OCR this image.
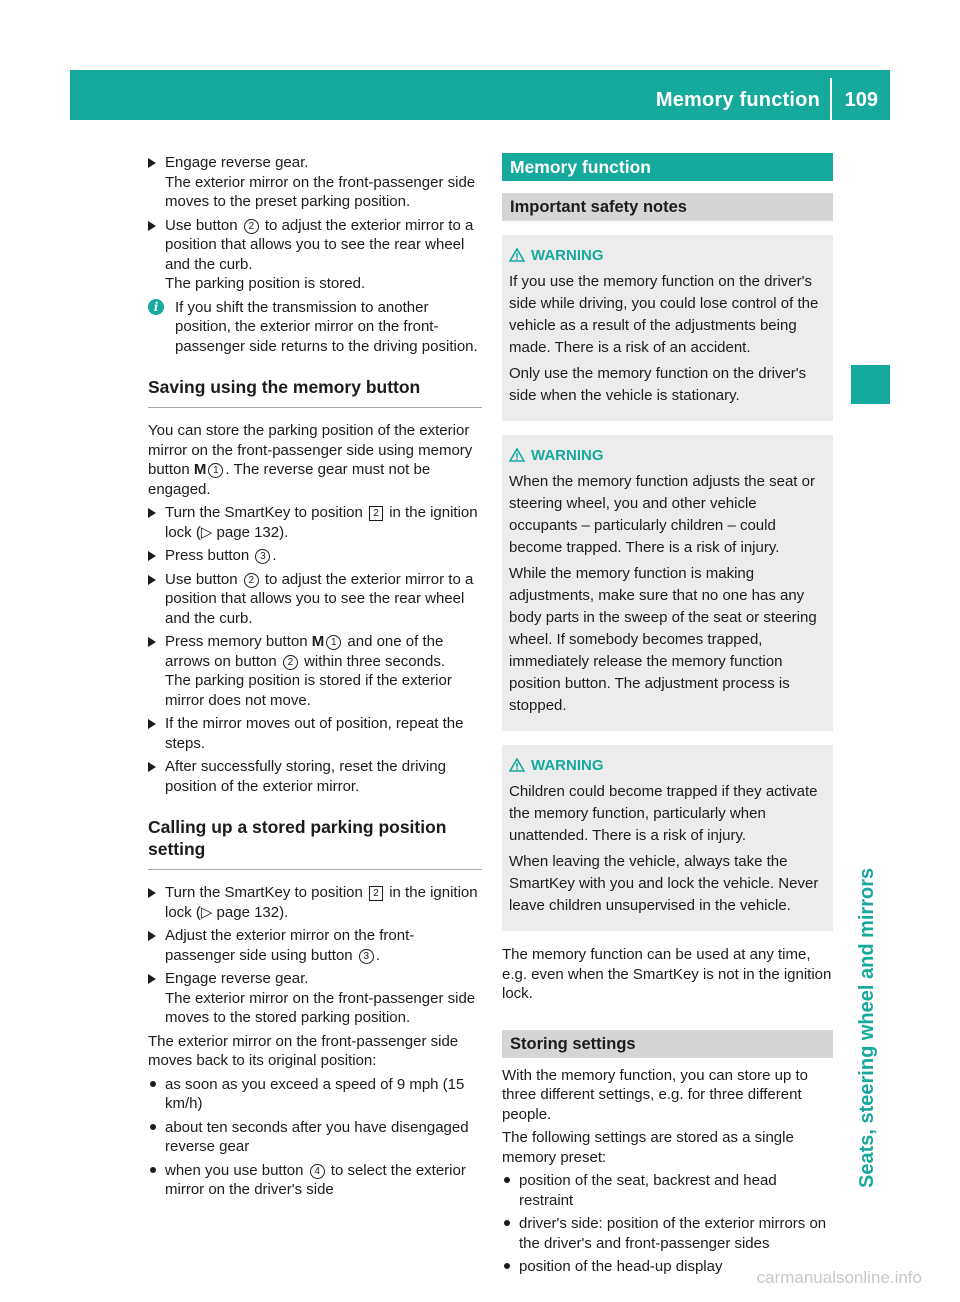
Memory function 109
Seats, steering wheel and mirrors
Engage reverse gear.
The exterior mirror on the front-passenger side moves to the preset parking position.
Use button 2 to adjust the exterior mirror to a position that allows you to see the rear wheel and the curb.
The parking position is stored.
i	If you shift the transmission to another position, the exterior mirror on the front-passenger side returns to the driving position.
Saving using the memory button

You can store the parking position of the exterior mirror on the front-passenger side using memory button M 1 . The reverse gear must not be engaged.

Turn the SmartKey to position 2 in the ignition lock (▷ page 132).
Press button 3 .
Use button 2 to adjust the exterior mirror to a position that allows you to see the rear wheel and the curb.
Press memory button M 1 and one of the arrows on button 2 within three seconds.
The parking position is stored if the exterior mirror does not move.
If the mirror moves out of position, repeat the steps.
After successfully storing, reset the driving position of the exterior mirror.
Calling up a stored parking position setting
Turn the SmartKey to position 2 in the ignition lock (▷ page 132).
Adjust the exterior mirror on the front-passenger side using button 3 .
Engage reverse gear.
The exterior mirror on the front-passenger side moves to the stored parking position.

The exterior mirror on the front-passenger side moves back to its original position:

as soon as you exceed a speed of 9 mph (15 km/h)
about ten seconds after you have disengaged reverse gear
when you use button 4 to select the exterior mirror on the driver's side
Memory function
Important safety notes
WARNING

If you use the memory function on the driver's side while driving, you could lose control of the vehicle as a result of the adjustments being made. There is a risk of an accident.

Only use the memory function on the driver's side when the vehicle is stationary.

WARNING

When the memory function adjusts the seat or steering wheel, you and other vehicle occupants – particularly children – could become trapped. There is a risk of injury.

While the memory function is making adjustments, make sure that no one has any body parts in the sweep of the seat or steering wheel. If somebody becomes trapped, immediately release the memory function position button. The adjustment process is stopped.

WARNING

Children could become trapped if they activate the memory function, particularly when unattended. There is a risk of injury.

When leaving the vehicle, always take the SmartKey with you and lock the vehicle. Never leave children unsupervised in the vehicle.

The memory function can be used at any time, e.g. even when the SmartKey is not in the ignition lock.

Storing settings

With the memory function, you can store up to three different settings, e.g. for three different people.

The following settings are stored as a single memory preset:

position of the seat, backrest and head restraint
driver's side: position of the exterior mirrors on the driver's and front-passenger sides
position of the head-up display
carmanualsonline.info
